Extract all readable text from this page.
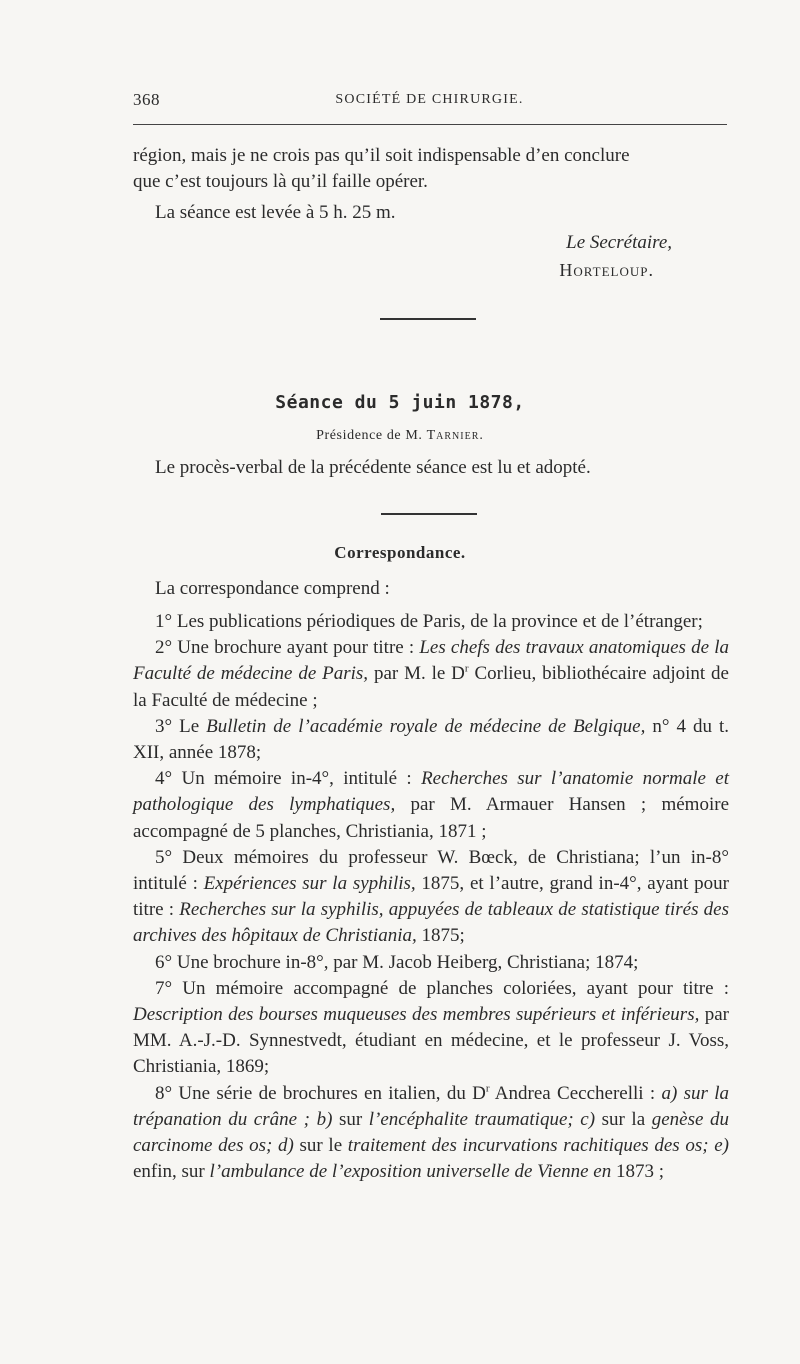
368	SOCIÉTÉ DE CHIRURGIE.
région, mais je ne crois pas qu’il soit indispensable d’en conclure
que c’est toujours là qu’il faille opérer.
La séance est levée à 5 h. 25 m.
Le Secrétaire,
Horteloup.
Séance du 5 juin 1878,
Présidence de M. Tarnier.
Le procès-verbal de la précédente séance est lu et adopté.
Correspondance.
La correspondance comprend :
1° Les publications périodiques de Paris, de la province et de l’étranger;
2° Une brochure ayant pour titre : Les chefs des travaux anatomiques de la Faculté de médecine de Paris, par M. le $D^r$ Corlieu, bibliothécaire adjoint de la Faculté de médecine ;
3° Le Bulletin de l’académie royale de médecine de Belgique, n° 4 du t. XII, année 1878;
4° Un mémoire in-4°, intitulé : Recherches sur l’anatomie normale et pathologique des lymphatiques, par M. Armauer Hansen ; mémoire accompagné de 5 planches, Christiania, 1871 ;
5° Deux mémoires du professeur W. Bœck, de Christiana; l’un in-8° intitulé : Expériences sur la syphilis, 1875, et l’autre, grand in-4°, ayant pour titre : Recherches sur la syphilis, appuyées de tableaux de statistique tirés des archives des hôpitaux de Christiania, 1875;
6° Une brochure in-8°, par M. Jacob Heiberg, Christiana; 1874;
7° Un mémoire accompagné de planches coloriées, ayant pour titre : Description des bourses muqueuses des membres supérieurs et inférieurs, par MM. A.-J.-D. Synnestvedt, étudiant en médecine, et le professeur J. Voss, Christiania, 1869;
8° Une série de brochures en italien, du $D^r$ Andrea Ceccherelli : a) sur la trépanation du crâne ; b) sur l’encéphalite traumatique; c) sur la genèse du carcinome des os; d) sur le traitement des incurvations rachitiques des os; e) enfin, sur l’ambulance de l’exposition universelle de Vienne en 1873 ;
